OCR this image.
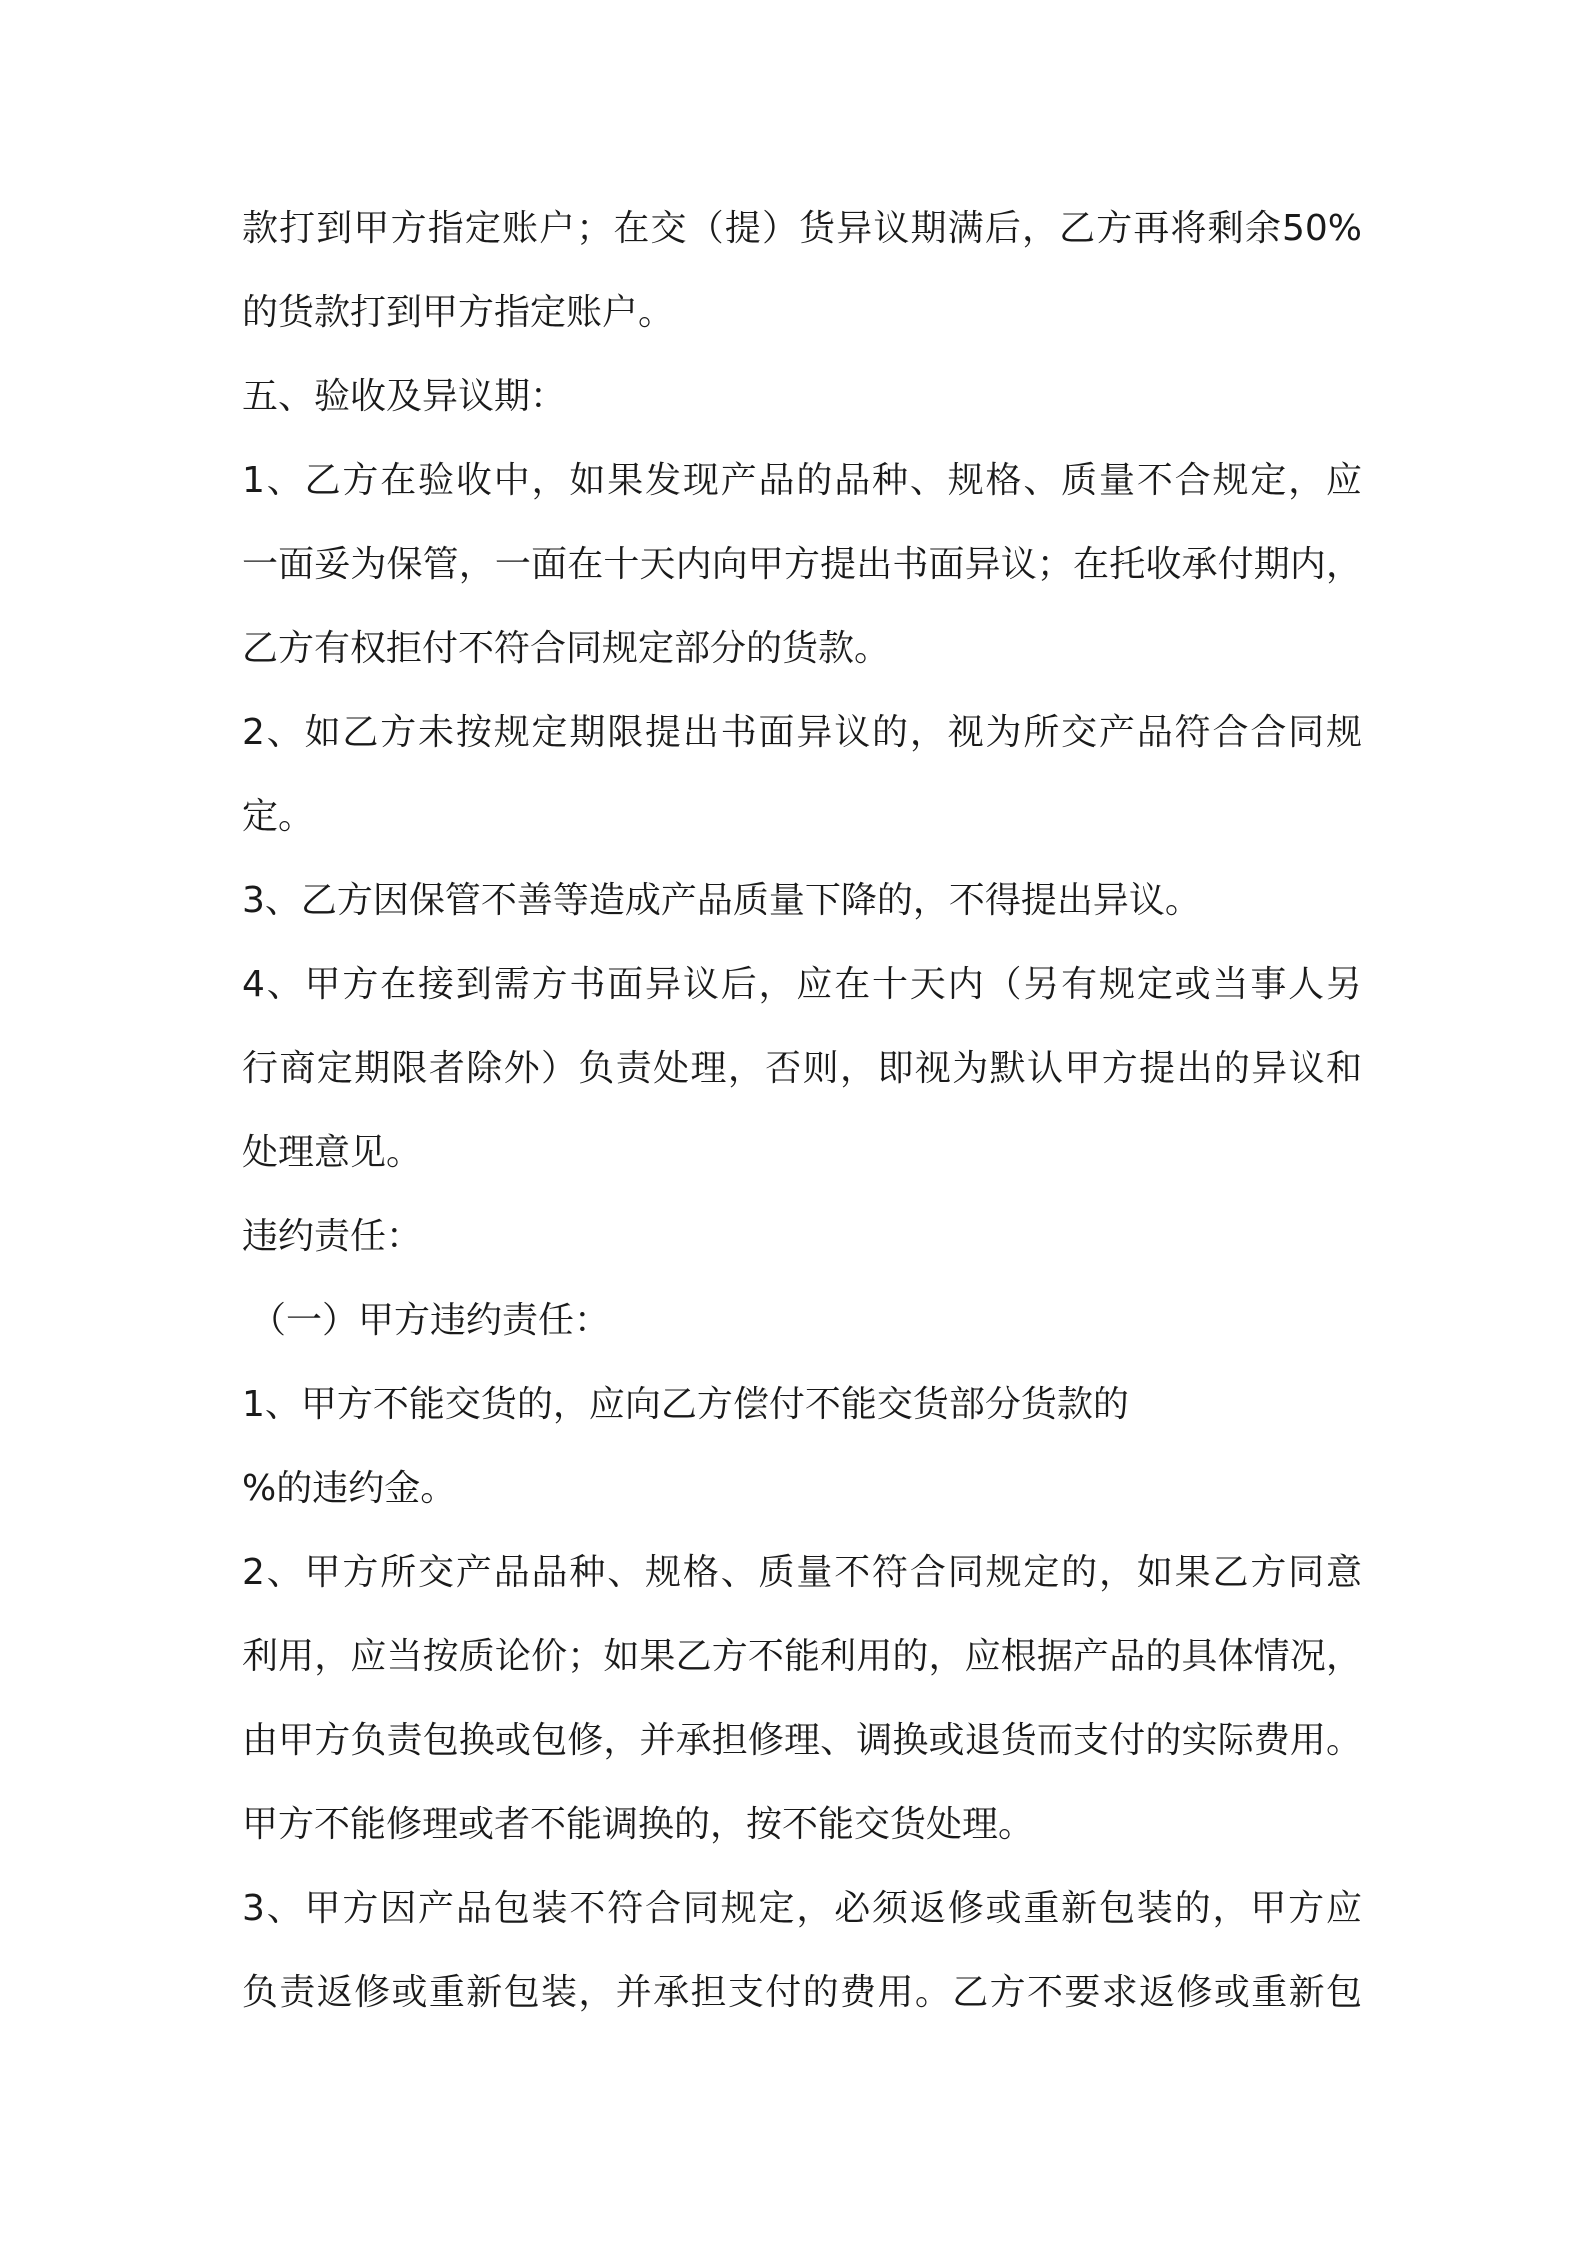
款打到甲方指定账户；在交（提）货异议期满后，乙方再将剩余50%
的货款打到甲方指定账户。
五、验收及异议期：
1、乙方在验收中，如果发现产品的品种、规格、质量不合规定，应
一面妥为保管，一面在十天内向甲方提出书面异议；在托收承付期内，
乙方有权拒付不符合同规定部分的货款。
2、如乙方未按规定期限提出书面异议的，视为所交产品符合合同规
定。
3、乙方因保管不善等造成产品质量下降的，不得提出异议。
4、甲方在接到需方书面异议后，应在十天内（另有规定或当事人另
行商定期限者除外）负责处理，否则，即视为默认甲方提出的异议和
处理意见。
违约责任：
（一）甲方违约责任：
1、甲方不能交货的，应向乙方偿付不能交货部分货款的
%的违约金。
2、甲方所交产品品种、规格、质量不符合同规定的，如果乙方同意
利用，应当按质论价；如果乙方不能利用的，应根据产品的具体情况，
由甲方负责包换或包修，并承担修理、调换或退货而支付的实际费用。
甲方不能修理或者不能调换的，按不能交货处理。
3、甲方因产品包装不符合同规定，必须返修或重新包装的，甲方应
负责返修或重新包装，并承担支付的费用。乙方不要求返修或重新包
